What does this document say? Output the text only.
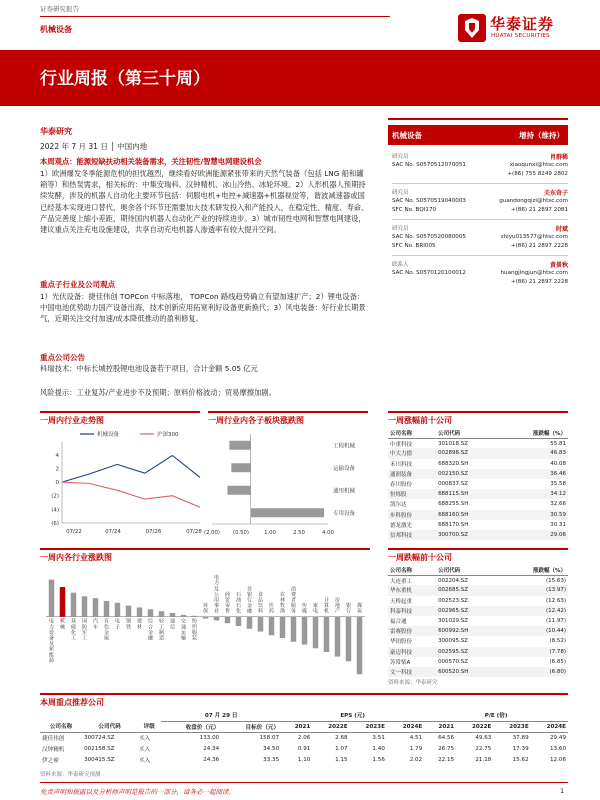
证券研究报告
机械设备	华泰证券
HUATAI SECURITIES
行业周报（第三十周）
华泰研究
2022 年 7 月 31 日 │ 中国内地
本周观点：能源短缺扶动相关装备需求，关注韧性/智慧电网建设机会
1）欧洲爆发冬季能源危机的担忧越烈，继续看好欧洲能源紧张带来的天然气装备（包括 LNG 船和罐箱等）和热泵需求，相关标的：中集安瑞科、汉钟精机、冰山冷热、冰轮环境。2）人形机器人预期持续发酵，涉及的机器人自动化主要环节包括：伺服电机+电控+减速器+机器视觉等，谐波减速器或国已经基本实现进口替代，奥余各个环节还需要加大技术研发投入和产能投入，在稳定性、精度、寿命、产品完善度上缩小差距，期待国内机器人自动化产业的持续进步。3）城市韧性电网和智慧电网建设，建议重点关注充电设施建设，共享自动充电机器人渗透率有较大提升空间。
重点子行业及公司观点
1）光伏设备：捷佳伟创 TOPCon 中标落地， TOPCon 路线趋势确立有望加速扩产；2）锂电设备：中国电池优势助力国产设备出海，技术创新应用拓宽利好设备更新换代；3）风电装备：好行业长期景气，近期关注交付加速/成本降低推动的盈利修复。
重点公司公告
科瑞技术：中标长城控股锂电池设备若干项目，合计金额 5.05 亿元
风险提示：工业复苏/产业进步不及预期；原料价格波动；贸易摩擦加剧。
机械设备	增持（维持）
研究员	肖群稀
SAC No. S0570512070051	xiaoqunxi@htsc.com
+(86) 755 8249 2802
研究员	关东奇子
SAC No. S0570519040003	guandongqizi@htsc.com
SFC No. BQI170	+(86) 21 2897 2081
研究员	时斌
SAC No. S0570520080005	shiyu013577@htsc.com
SFC No. BRI005	+(86) 21 2897 2228
联系人	黄景秋
SAC No. S0570120100012	huangjingjun@htsc.com
+(86) 21 2897 2228
一周内行业走势图
机械设备	沪深300
(6)
(4)
(2)
0
2
4
07/22	07/24	07/26	07/28
一周行业内各子板块涨跌图
工程机械
运输设备
通用机械
专用设备
(2.00) (0.50)	1.00	2.50	4.00
一周内各行业涨跌图
电力设备及新能源
机械
基础化工
国防军工
汽车
有色金属
电子
钢铁
建材
综合金融
轻工制造
通信
交通运输
纺织服装
环保
电力及公用事业
商贸零售
石油石化
非银行金融
食品饮料
医药
农林牧渔
消费者服务
传媒
家电
计算机
房地产
银行
煤炭
一周涨幅前十公司
公司名称	公司代码	涨跌幅（%）
中重科技	301018.SZ	55.81
中大力德	002896.SZ	46.83
禾川科技	688320.SH	40.08
通润装备	002150.SZ	36.46
春川股份	000837.SZ	35.58
恒烁股	688115.SH	34.12
凯尔达	688255.SH	32.66
步科股份	688160.SH	30.59
德龙激光	688170.SH	30.31
信邦科技	300700.SZ	29.06
一周跌幅前十公司
公司名称	公司代码	涨跌幅（%）
大连重工	002204.SZ	(15.63)
华东重机	002685.SZ	(13.97)
天桥起重	002523.SZ	(12.63)
科泰科技	002965.SZ	(12.42)
福合通	301029.SZ	(11.97)
雷赛股份	600992.SH	(10.44)
华铂股份	300095.SZ	(8.52)
豪迈科技	002595.SZ	(7.78)
苏常柴A	000570.SZ	(6.85)
文一科技	600520.SH	(6.80)
资料来源：华泰研究
本周重点推荐公司
			07 月 29 日		EPS (元)				P/E (倍)			
公司名称	公司代码	评级	收盘价（元）	目标价（元）	2021	2022E	2023E	2024E	2021	2022E	2023E	2024E
捷佳伟创	300724.SZ	买入	133.00	158.07	2.06	2.68	3.51	4.51	64.56	49.63	37.89	29.49
汉钟精机	002158.SZ	买入	24.34	34.50	0.91	1.07	1.40	1.79	26.75	22.75	17.39	13.60
伊之密	300415.SZ	买入	24.36	33.35	1.10	1.15	1.56	2.02	22.15	21.18	15.62	12.06
资料来源：华泰研究预测
免责声明和披露以及分析师声明是报告的一部分，请务必一起阅读。	1
